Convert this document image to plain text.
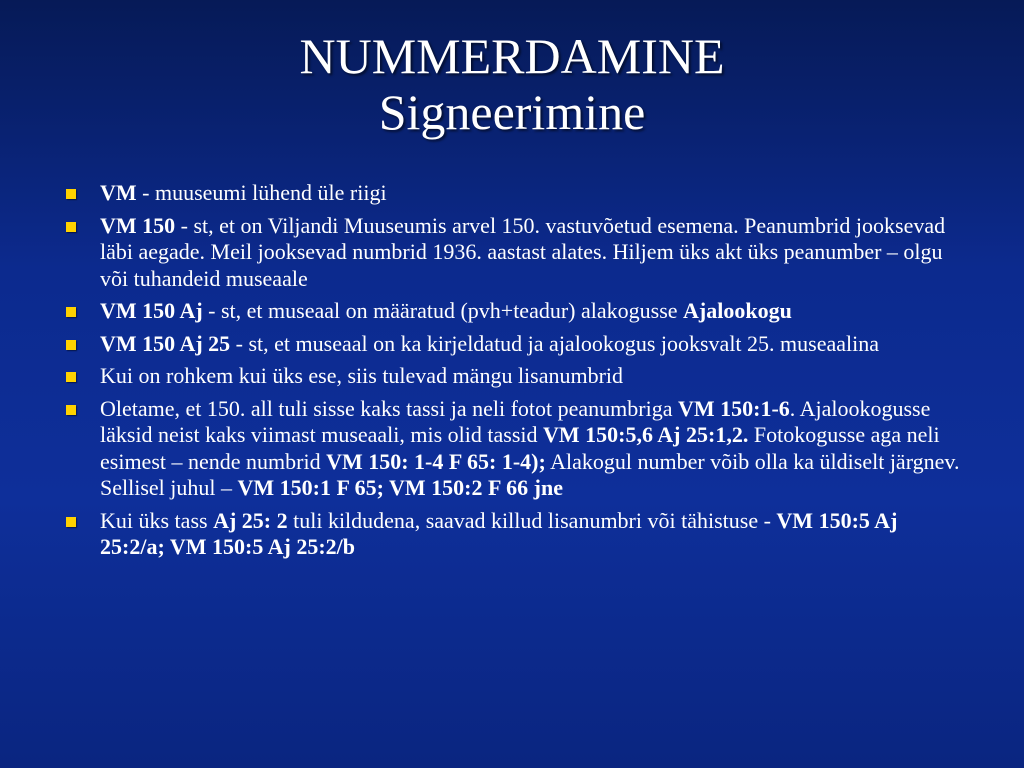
NUMMERDAMINE
Signeerimine
VM - muuseumi lühend üle riigi
VM 150 - st, et on Viljandi Muuseumis arvel 150. vastuvõetud esemena. Peanumbrid jooksevad läbi aegade. Meil jooksevad numbrid 1936. aastast alates. Hiljem üks akt üks peanumber – olgu või tuhandeid museaale
VM 150 Aj - st, et museaal on määratud (pvh+teadur) alakogusse Ajalookogu
VM 150 Aj 25 - st, et museaal on ka kirjeldatud ja ajalookogus jooksvalt 25. museaalina
Kui on rohkem kui üks ese, siis tulevad mängu lisanumbrid
Oletame, et 150. all tuli sisse kaks tassi ja neli fotot peanumbriga VM 150:1-6. Ajalookogusse läksid neist kaks viimast museaali, mis olid tassid VM 150:5,6 Aj 25:1,2. Fotokogusse aga neli esimest – nende numbrid VM 150: 1-4 F 65: 1-4); Alakogul number võib olla ka üldiselt järgnev. Sellisel juhul – VM 150:1 F 65; VM 150:2 F 66 jne
Kui üks tass Aj 25: 2 tuli kildudena, saavad killud lisanumbri või tähistuse - VM 150:5 Aj 25:2/a; VM 150:5 Aj 25:2/b
